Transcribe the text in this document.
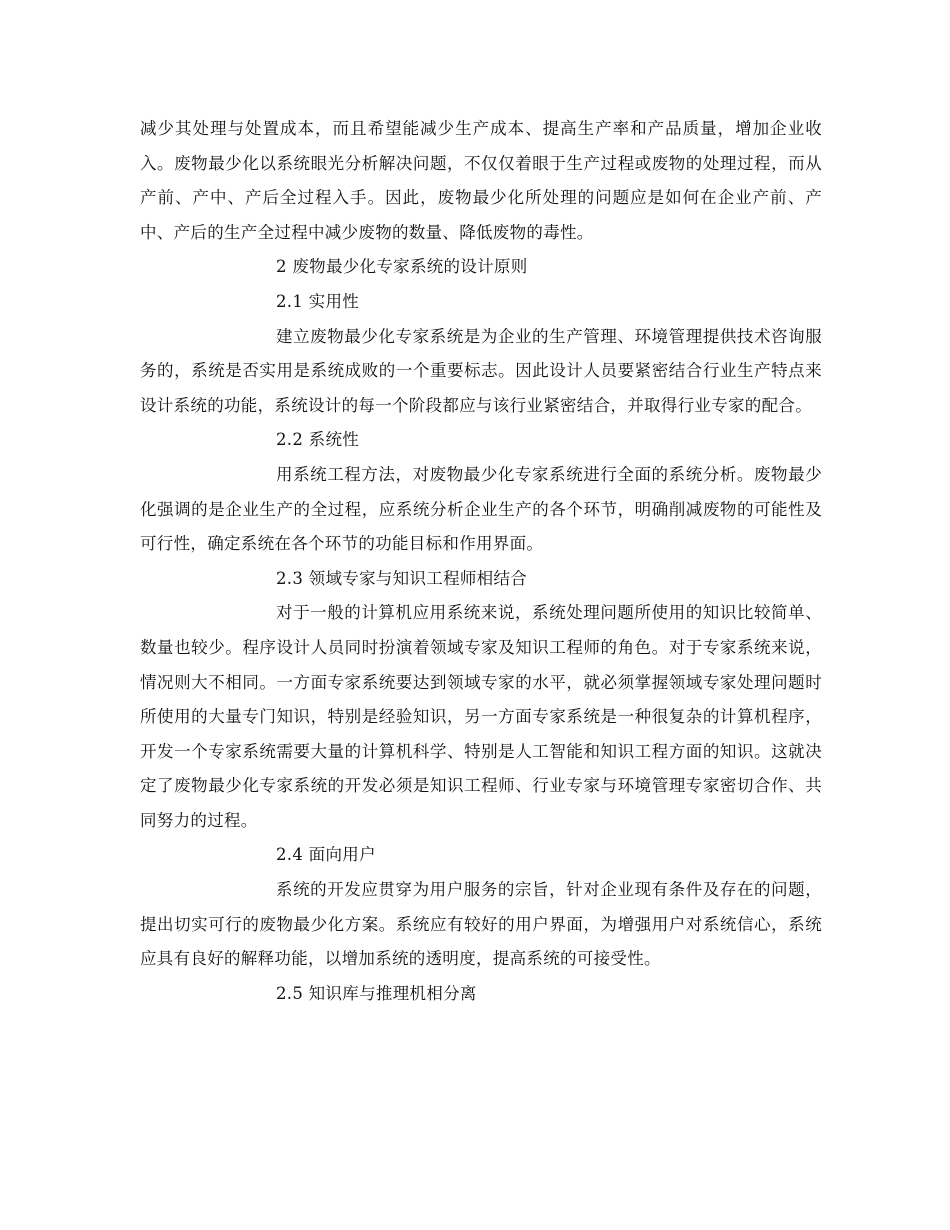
减少其处理与处置成本，而且希望能减少生产成本、提高生产率和产品质量，增加企业收入。废物最少化以系统眼光分析解决问题，不仅仅着眼于生产过程或废物的处理过程，而从产前、产中、产后全过程入手。因此，废物最少化所处理的问题应是如何在企业产前、产中、产后的生产全过程中减少废物的数量、降低废物的毒性。

2 废物最少化专家系统的设计原则

2.1 实用性

建立废物最少化专家系统是为企业的生产管理、环境管理提供技术咨询服务的，系统是否实用是系统成败的一个重要标志。因此设计人员要紧密结合行业生产特点来设计系统的功能，系统设计的每一个阶段都应与该行业紧密结合，并取得行业专家的配合。

2.2 系统性

用系统工程方法，对废物最少化专家系统进行全面的系统分析。废物最少化强调的是企业生产的全过程，应系统分析企业生产的各个环节，明确削减废物的可能性及可行性，确定系统在各个环节的功能目标和作用界面。

2.3 领域专家与知识工程师相结合

对于一般的计算机应用系统来说，系统处理问题所使用的知识比较简单、数量也较少。程序设计人员同时扮演着领域专家及知识工程师的角色。对于专家系统来说，情况则大不相同。一方面专家系统要达到领域专家的水平，就必须掌握领域专家处理问题时所使用的大量专门知识，特别是经验知识，另一方面专家系统是一种很复杂的计算机程序，开发一个专家系统需要大量的计算机科学、特别是人工智能和知识工程方面的知识。这就决定了废物最少化专家系统的开发必须是知识工程师、行业专家与环境管理专家密切合作、共同努力的过程。

2.4 面向用户

系统的开发应贯穿为用户服务的宗旨，针对企业现有条件及存在的问题，提出切实可行的废物最少化方案。系统应有较好的用户界面，为增强用户对系统信心，系统应具有良好的解释功能，以增加系统的透明度，提高系统的可接受性。

2.5 知识库与推理机相分离
